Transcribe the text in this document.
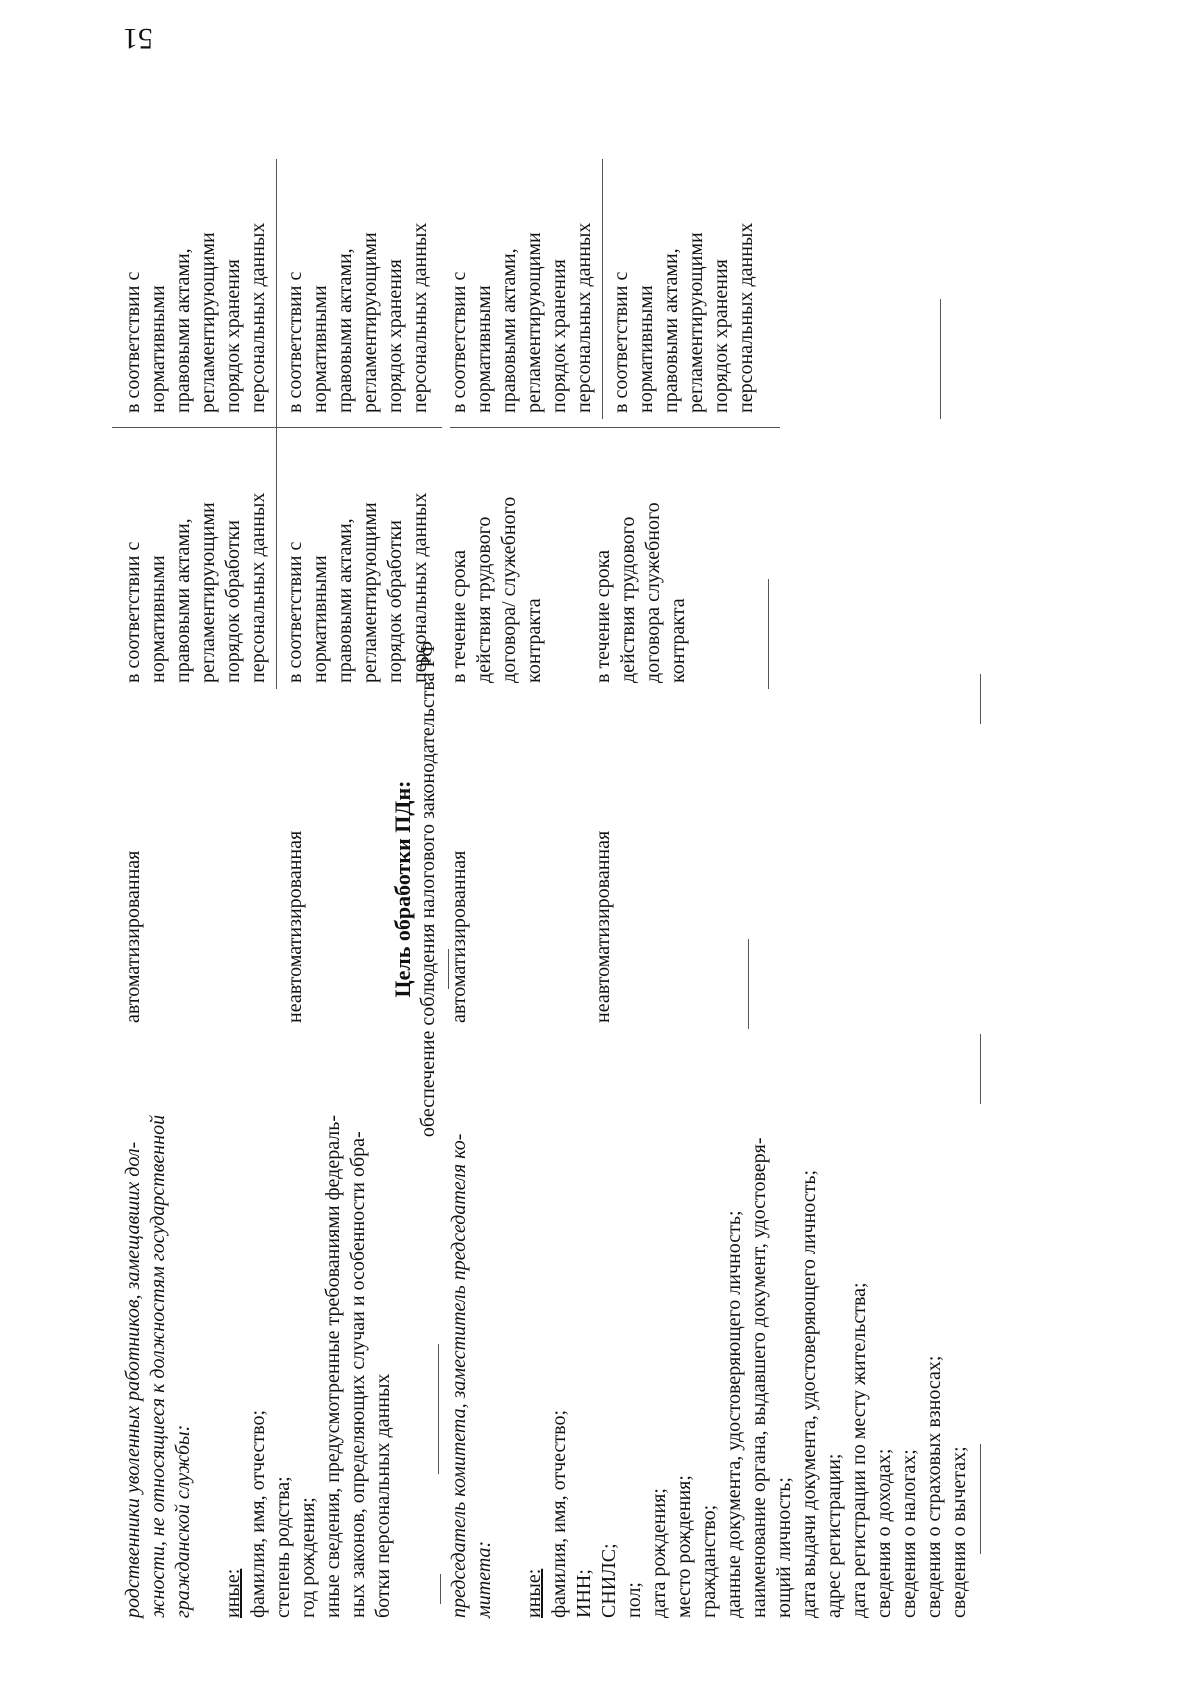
51
родственники уволенных работников, замещавших дол- жности, не относящиеся к должностям государственной гражданской службы:
иные: фамилия, имя, отчество; степень родства; год рождения; иные сведения, предусмотренные требованиями федераль- ных законов, определяющих случаи и особенности обра- ботки персональных данных
автоматизированная
в соответствии с нормативными правовыми актами, регламентирующими порядок обработки персональных данных
в соответствии с нормативными правовыми актами, регламентирующими порядок хранения персональных данных
неавтоматизированная
в соответствии с нормативными правовыми актами, регламентирующими порядок обработки персональных данных
в соответствии с нормативными правовыми актами, регламентирующими порядок хранения персональных данных
Цель обработки ПДн: обеспечение соблюдения налогового законодательства РФ
председатель комитета, заместитель председателя ко- митета:
иные: фамилия, имя, отчество; ИНН; СНИЛС; пол; дата рождения; место рождения; гражданство; данные документа, удостоверяющего личность; наименование органа, выдавшего документ, удостоверя- ющий личность; дата выдачи документа, удостоверяющего личность; адрес регистрации; дата регистрации по месту жительства; сведения о доходах; сведения о налогах; сведения о страховых взносах; сведения о вычетах;
автоматизированная
в течение срока действия трудового договора/ служебного контракта
в соответствии с нормативными правовыми актами, регламентирующими порядок хранения персональных данных
неавтоматизированная
в течение срока действия трудового договора служебного контракта
в соответствии с нормативными правовыми актами, регламентирующими порядок хранения персональных данных
